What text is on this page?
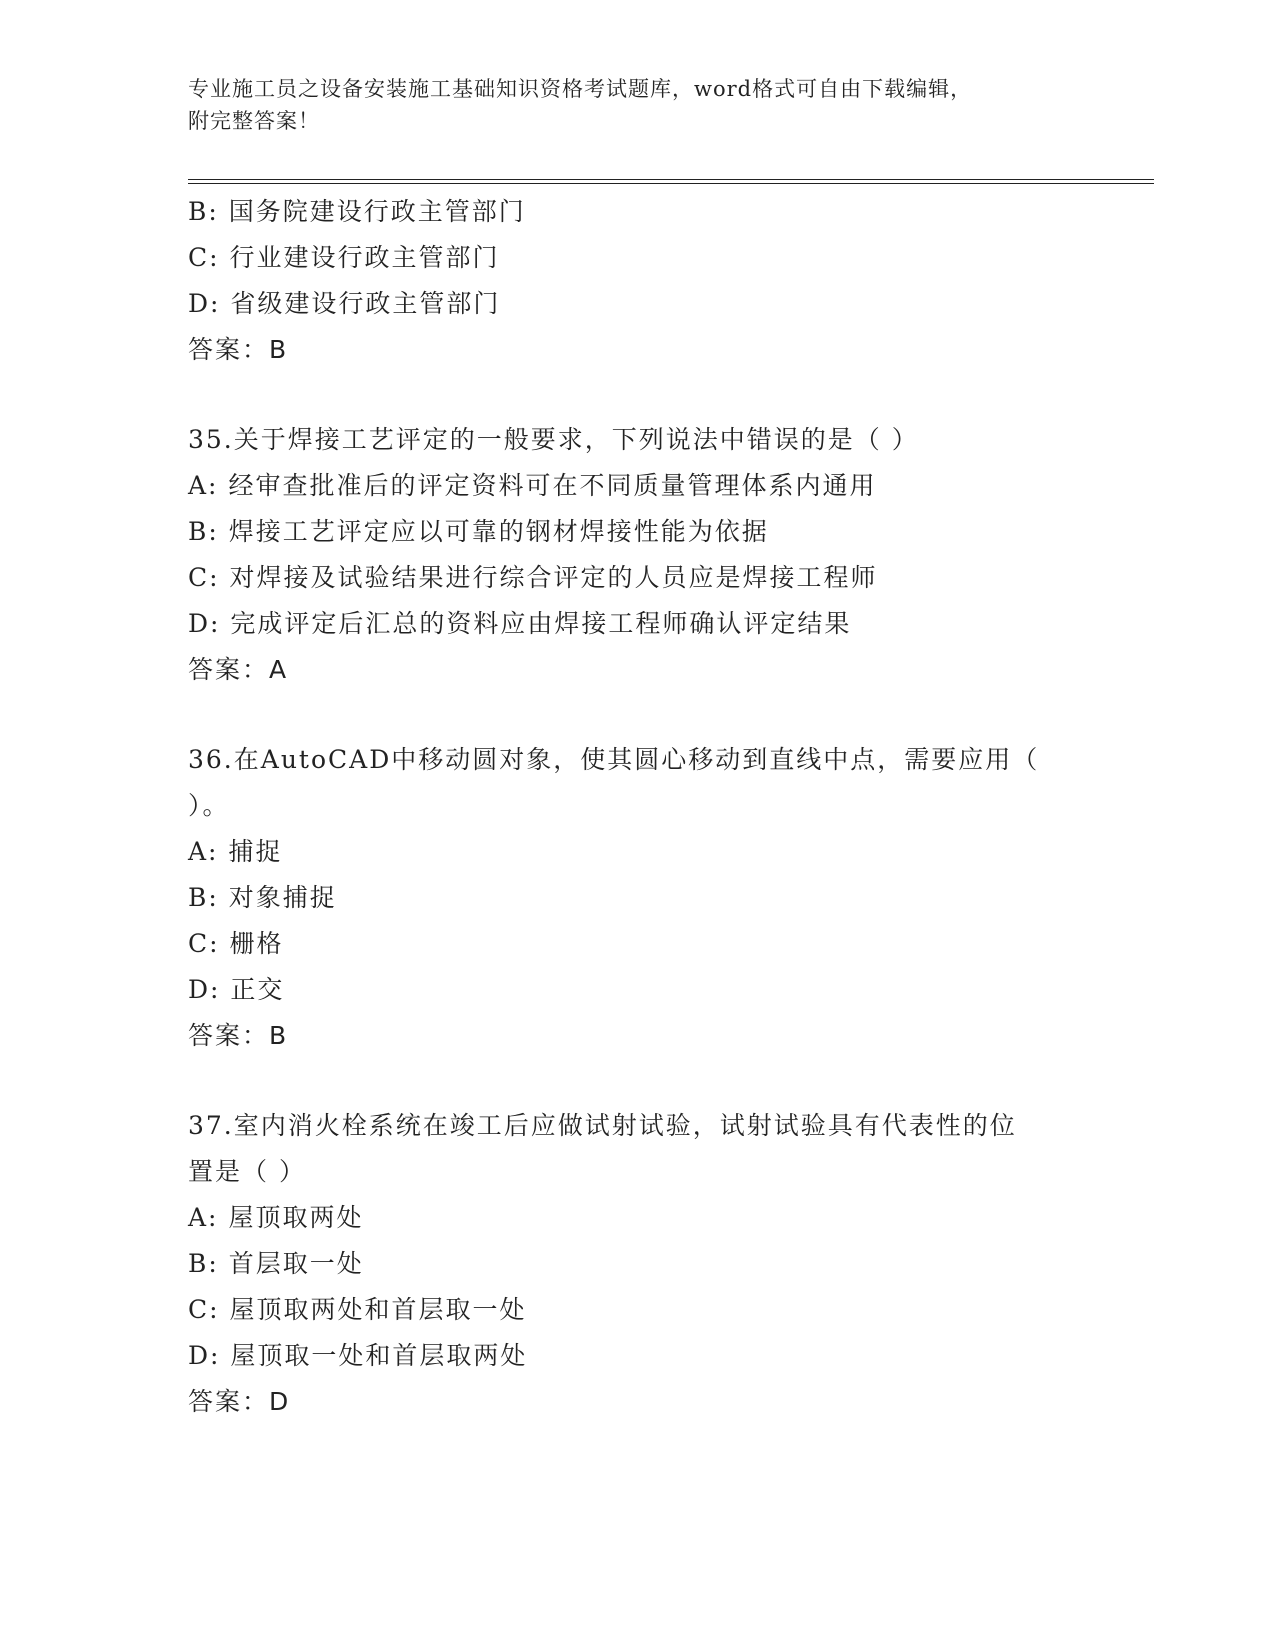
专业施工员之设备安装施工基础知识资格考试题库，word格式可自由下载编辑，
附完整答案！
B: 国务院建设行政主管部门
C: 行业建设行政主管部门
D: 省级建设行政主管部门
答案：B
35.关于焊接工艺评定的一般要求，下列说法中错误的是（ ）
A: 经审查批准后的评定资料可在不同质量管理体系内通用
B: 焊接工艺评定应以可靠的钢材焊接性能为依据
C: 对焊接及试验结果进行综合评定的人员应是焊接工程师
D: 完成评定后汇总的资料应由焊接工程师确认评定结果
答案：A
36.在AutoCAD中移动圆对象，使其圆心移动到直线中点，需要应用（
）。
A: 捕捉
B: 对象捕捉
C: 栅格
D: 正交
答案：B
37.室内消火栓系统在竣工后应做试射试验，试射试验具有代表性的位
置是（ ）
A: 屋顶取两处
B: 首层取一处
C: 屋顶取两处和首层取一处
D: 屋顶取一处和首层取两处
答案：D
